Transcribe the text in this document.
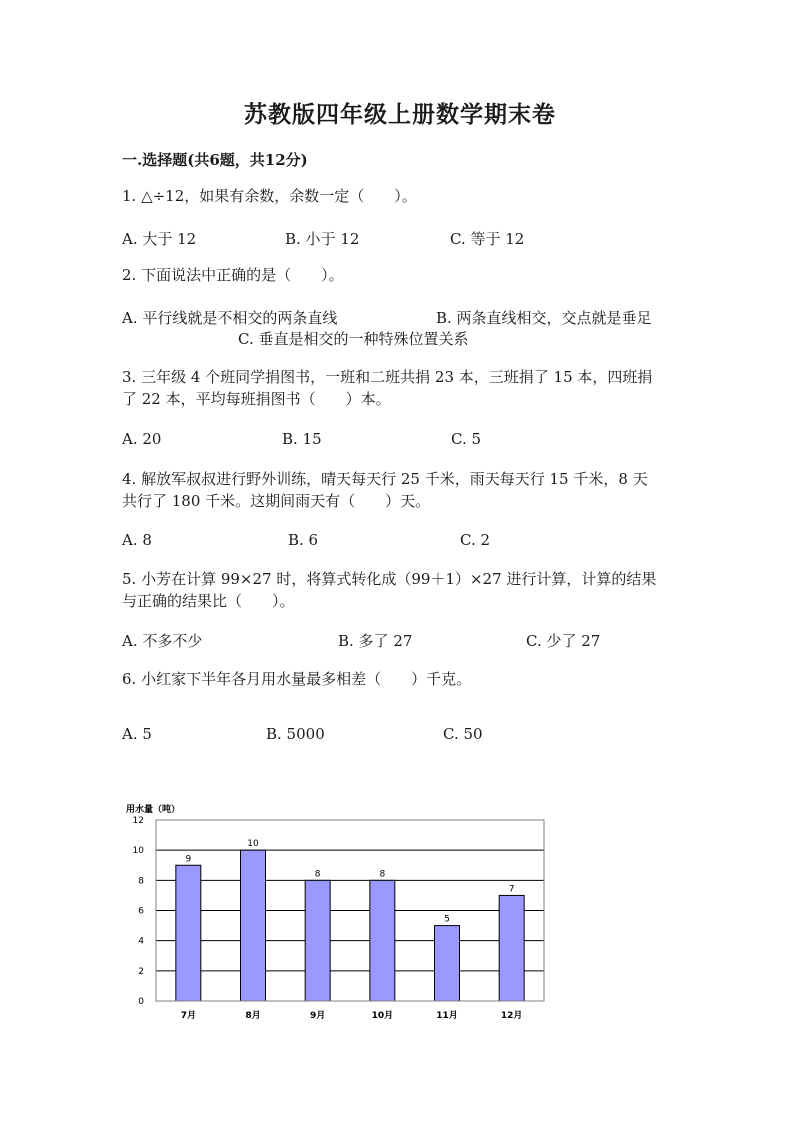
苏教版四年级上册数学期末卷
一.选择题(共6题，共12分)
1. △÷12，如果有余数，余数一定（　　）。
A. 大于 12	B. 小于 12	C. 等于 12
2. 下面说法中正确的是（　　）。
A. 平行线就是不相交的两条直线	B. 两条直线相交，交点就是垂足
C. 垂直是相交的一种特殊位置关系
3. 三年级 4 个班同学捐图书，一班和二班共捐 23 本，三班捐了 15 本，四班捐
了 22 本，平均每班捐图书（　　）本。
A. 20	B. 15	C. 5
4. 解放军叔叔进行野外训练，晴天每天行 25 千米，雨天每天行 15 千米，8 天
共行了 180 千米。这期间雨天有（　　）天。
A. 8	B. 6	C. 2
5. 小芳在计算 99×27 时，将算式转化成（99＋1）×27 进行计算，计算的结果
与正确的结果比（　　）。
A. 不多不少	B. 多了 27	C. 少了 27
6. 小红家下半年各月用水量最多相差（　　）千克。
A. 5	B. 5000	C. 50
用水量（吨）
0
2
4
6
8
10
12
9
10
8	8
5
7
7月	8月	9月	10月	11月	12月
